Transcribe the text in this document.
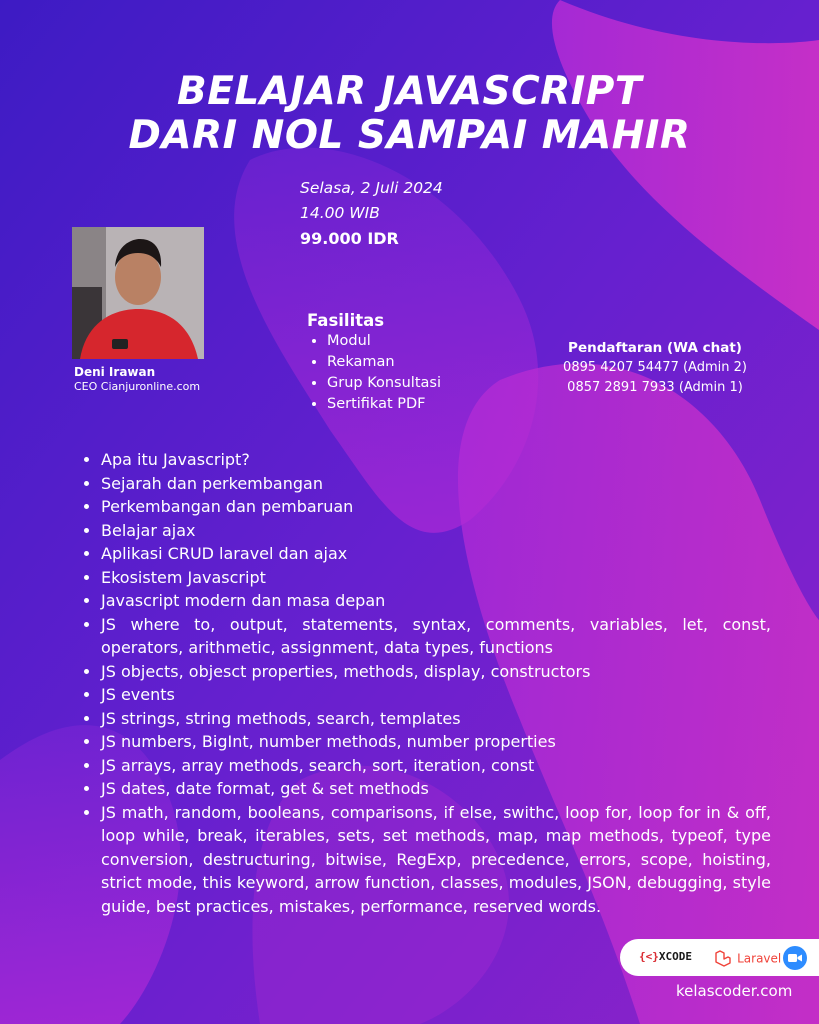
BELAJAR JAVASCRIPT
DARI NOL SAMPAI MAHIR
Selasa, 2 Juli 2024
14.00 WIB
99.000 IDR
Deni Irawan
CEO Cianjuronline.com
Fasilitas
• Modul
• Rekaman
• Grup Konsultasi
• Sertifikat PDF
Pendaftaran (WA chat)
0895 4207 54477 (Admin 2)
0857 2891 7933 (Admin 1)
• Apa itu Javascript?
• Sejarah dan perkembangan
• Perkembangan dan pembaruan
• Belajar ajax
• Aplikasi CRUD laravel dan ajax
• Ekosistem Javascript
• Javascript modern dan masa depan
• JS where to, output, statements, syntax, comments, variables, let, const, operators, arithmetic, assignment, data types, functions
• JS objects, objesct properties, methods, display, constructors
• JS events
• JS strings, string methods, search, templates
• JS numbers, BigInt, number methods, number properties
• JS arrays, array methods, search, sort, iteration, const
• JS dates, date format, get & set methods
• JS math, random, booleans, comparisons, if else, swithc, loop for, loop for in & off, loop while, break, iterables, sets, set methods, map, map methods, typeof, type conversion, destructuring, bitwise, RegExp, precedence, errors, scope, hoisting, strict mode, this keyword, arrow function, classes, modules, JSON, debugging, style guide, best practices, mistakes, performance, reserved words.
{<}XCODE	Laravel
kelascoder.com
